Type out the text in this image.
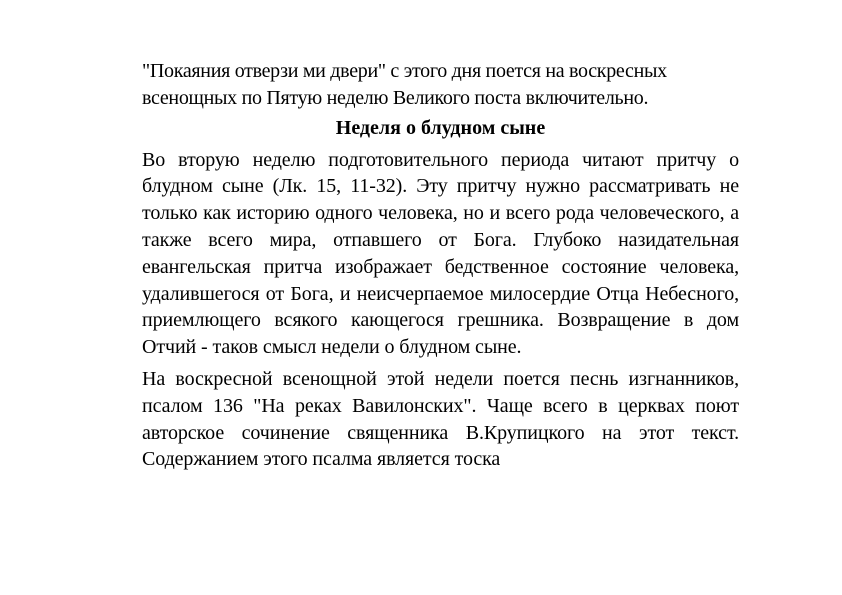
"Покаяния отверзи ми двери" с этого дня поется на воскресных всенощных по Пятую неделю Великого поста включительно.

Неделя о блудном сыне

Во вторую неделю подготовительного периода читают притчу о блудном сыне (Лк. 15, 11-32). Эту притчу нужно рассматривать не только как историю одного человека, но и всего рода человеческого, а также всего мира, отпавшего от Бога. Глубоко назидательная евангельская притча изображает бедственное состояние человека, удалившегося от Бога, и неисчерпаемое милосердие Отца Небесного, приемлющего всякого кающегося грешника. Возвращение в дом Отчий - таков смысл недели о блудном сыне.

На воскресной всенощной этой недели поется песнь изгнанников, псалом 136 "На реках Вавилонских". Чаще всего в церквах поют авторское сочинение священника В.Крупицкого на этот текст. Содержанием этого псалма является тоска
